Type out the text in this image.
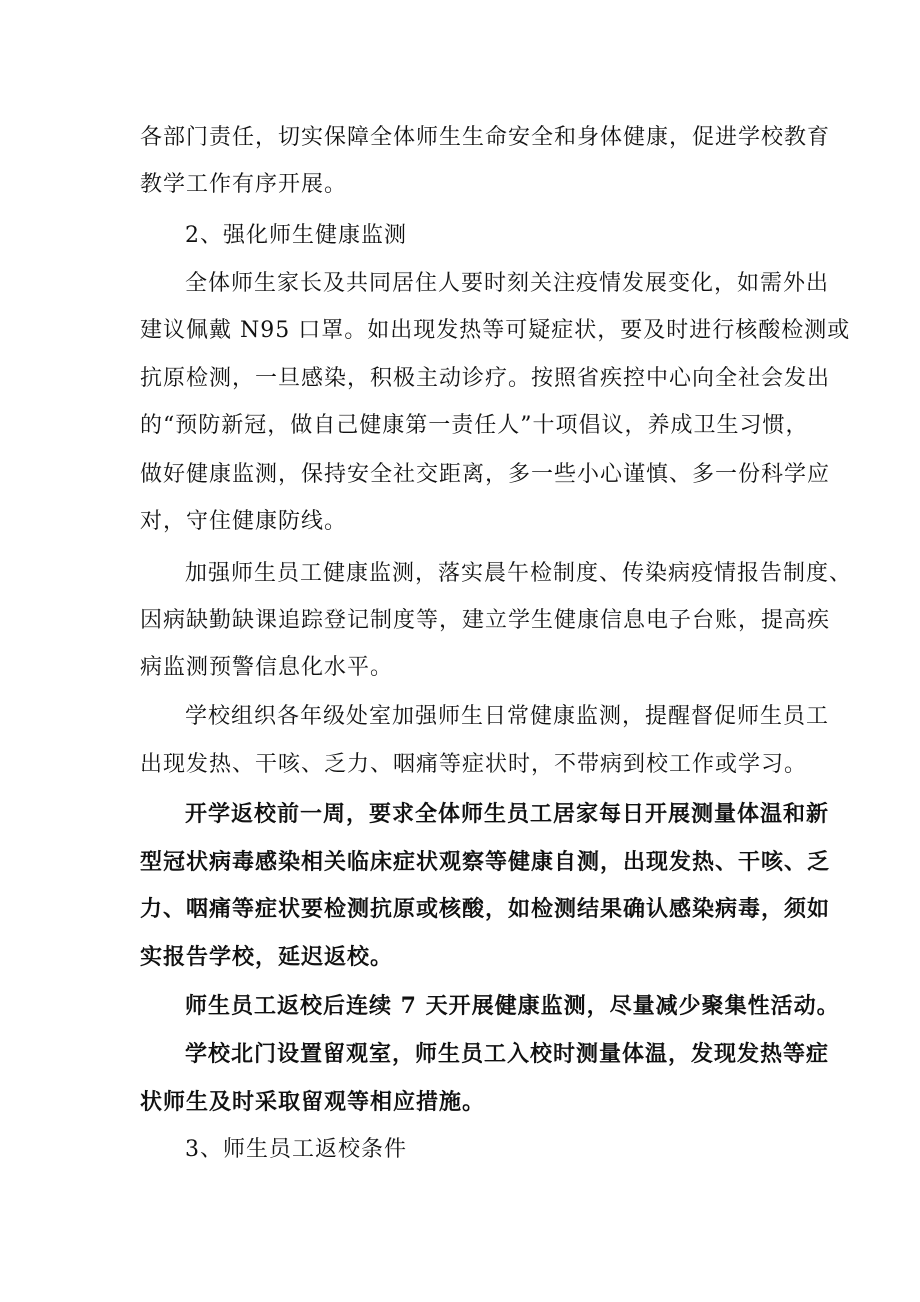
各部门责任，切实保障全体师生生命安全和身体健康，促进学校教育
教学工作有序开展。
2、强化师生健康监测
全体师生家长及共同居住人要时刻关注疫情发展变化，如需外出
建议佩戴 N95 口罩。如出现发热等可疑症状，要及时进行核酸检测或
抗原检测，一旦感染，积极主动诊疗。按照省疾控中心向全社会发出
的“预防新冠，做自己健康第一责任人”十项倡议，养成卫生习惯，
做好健康监测，保持安全社交距离，多一些小心谨慎、多一份科学应
对，守住健康防线。
加强师生员工健康监测，落实晨午检制度、传染病疫情报告制度、
因病缺勤缺课追踪登记制度等，建立学生健康信息电子台账，提高疾
病监测预警信息化水平。
学校组织各年级处室加强师生日常健康监测，提醒督促师生员工
出现发热、干咳、乏力、咽痛等症状时，不带病到校工作或学习。
开学返校前一周，要求全体师生员工居家每日开展测量体温和新
型冠状病毒感染相关临床症状观察等健康自测，出现发热、干咳、乏
力、咽痛等症状要检测抗原或核酸，如检测结果确认感染病毒，须如
实报告学校，延迟返校。
师生员工返校后连续 7 天开展健康监测，尽量减少聚集性活动。
学校北门设置留观室，师生员工入校时测量体温，发现发热等症
状师生及时采取留观等相应措施。
3、师生员工返校条件
